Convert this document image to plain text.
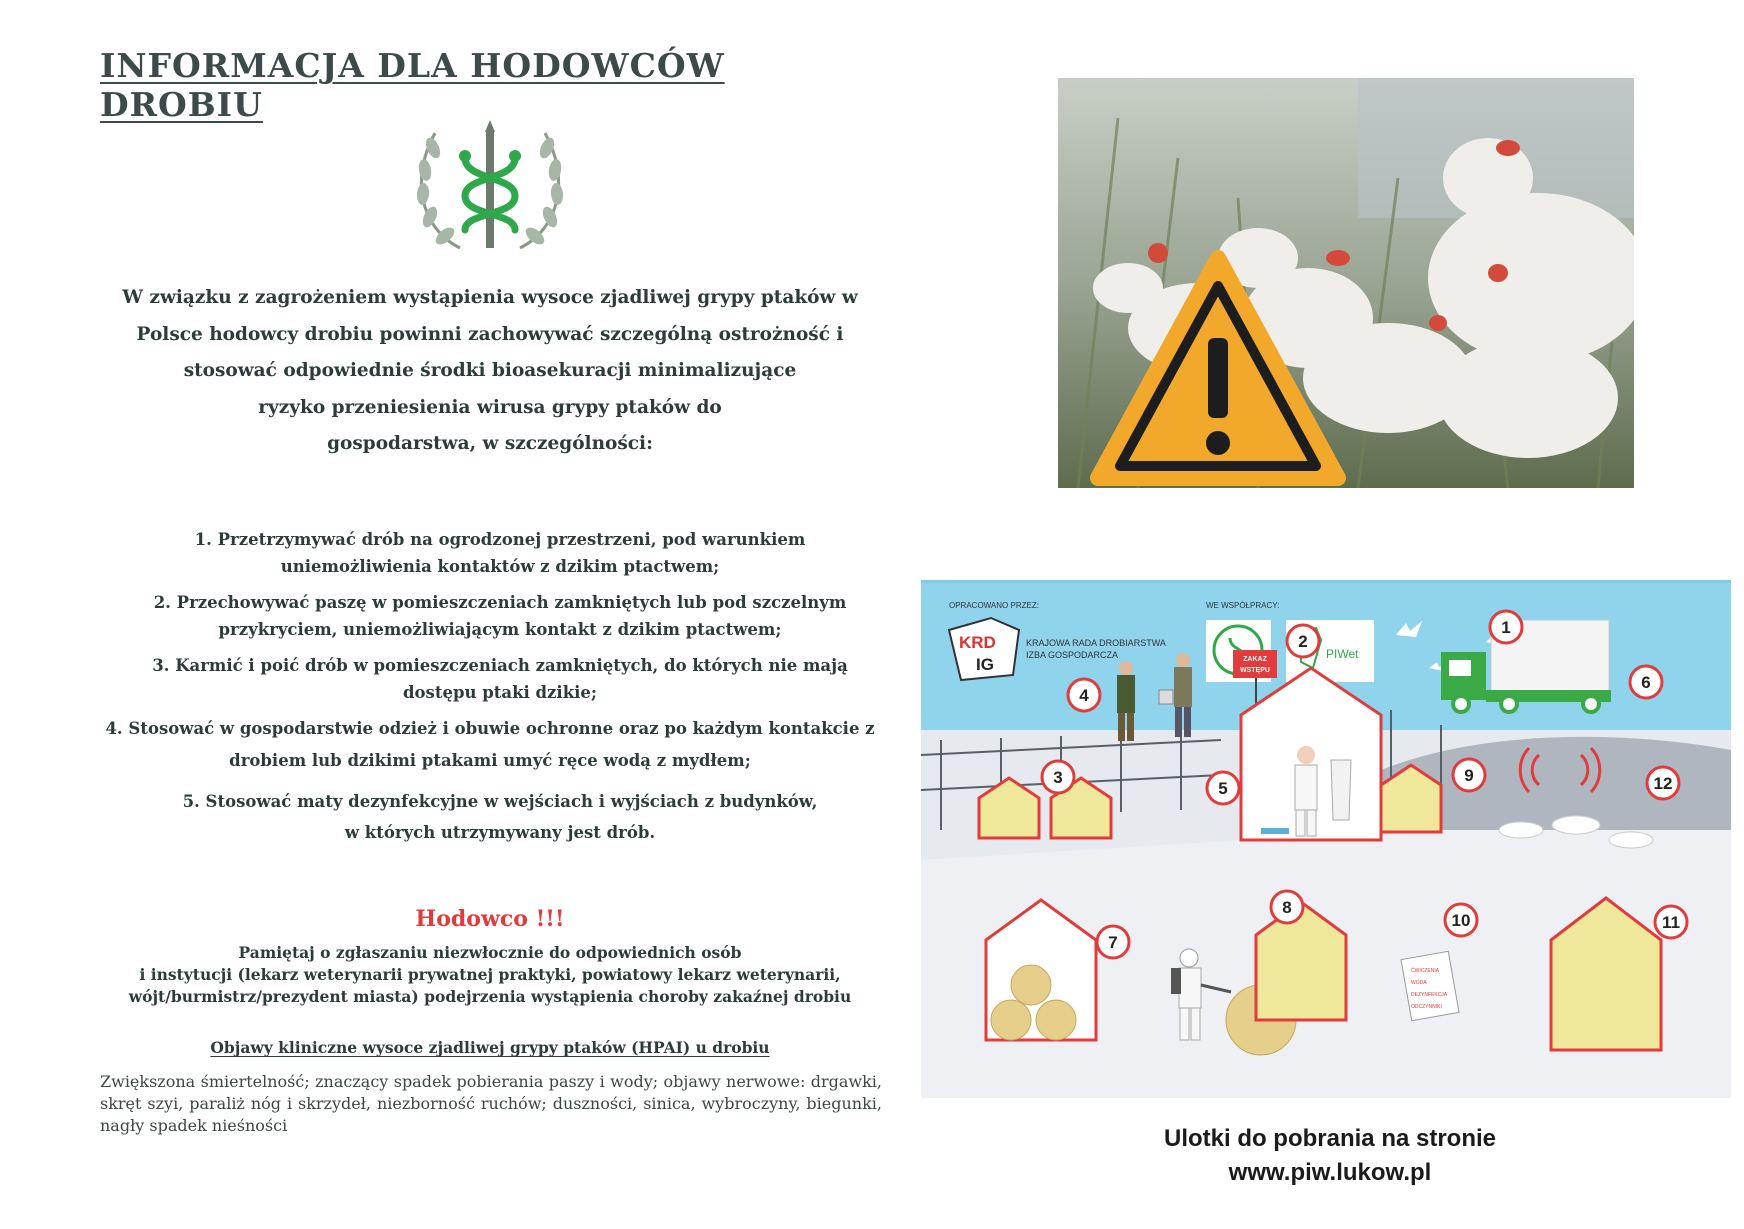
INFORMACJA DLA HODOWCÓW DROBIU
W związku z zagrożeniem wystąpienia wysoce zjadliwej grypy ptaków w
Polsce hodowcy drobiu powinni zachowywać szczególną ostrożność i
stosować odpowiednie środki bioasekuracji minimalizujące
ryzyko przeniesienia wirusa grypy ptaków do
gospodarstwa, w szczególności:
1. Przetrzymywać drób na ogrodzonej przestrzeni, pod warunkiem
uniemożliwienia kontaktów z dzikim ptactwem;
2. Przechowywać paszę w pomieszczeniach zamkniętych lub pod szczelnym
przykryciem, uniemożliwiającym kontakt z dzikim ptactwem;
3. Karmić i poić drób w pomieszczeniach zamkniętych, do których nie mają
dostępu ptaki dzikie;
4. Stosować w gospodarstwie odzież i obuwie ochronne oraz po każdym kontakcie z
drobiem lub dzikimi ptakami umyć ręce wodą z mydłem;
5. Stosować maty dezynfekcyjne w wejściach i wyjściach z budynków,
w których utrzymywany jest drób.
Hodowco !!!
Pamiętaj o zgłaszaniu niezwłocznie do odpowiednich osób
i instytucji (lekarz weterynarii prywatnej praktyki, powiatowy lekarz weterynarii,
wójt/burmistrz/prezydent miasta) podejrzenia wystąpienia choroby zakaźnej drobiu
Objawy kliniczne wysoce zjadliwej grypy ptaków (HPAI) u drobiu
Zwiększona śmiertelność; znaczący spadek pobierania paszy i wody; objawy nerwowe: drgawki, skręt szyi, paraliż nóg i skrzydeł, niezborność ruchów; duszności, sinica, wybroczyny, biegunki, nagły spadek nieśności
OPRACOWANO PRZEZ:	WE WSPÓŁPRACY:
KRD
IG
KRAJOWA RADA DROBIARSTWA
IZBA GOSPODARCZA	PIWet
ZAKAZ
WSTĘPU
ĆWICZENIA
WODA
DEZYNFEKCJA
ODCZYNNIKI
1
2
3
4
5
6
7
8
9
10	11
12
Ulotki do pobrania na stronie
www.piw.lukow.pl
